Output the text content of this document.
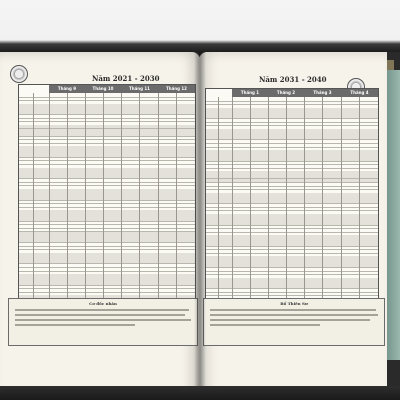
Năm 2021 - 2030
Tháng 9	Tháng 10	Tháng 11	Tháng 12
Cơ đốc nhân
Năm 2031 - 2040
Tháng 1	Tháng 2	Tháng 3	Tháng 4
Bổ Thiên Sư
